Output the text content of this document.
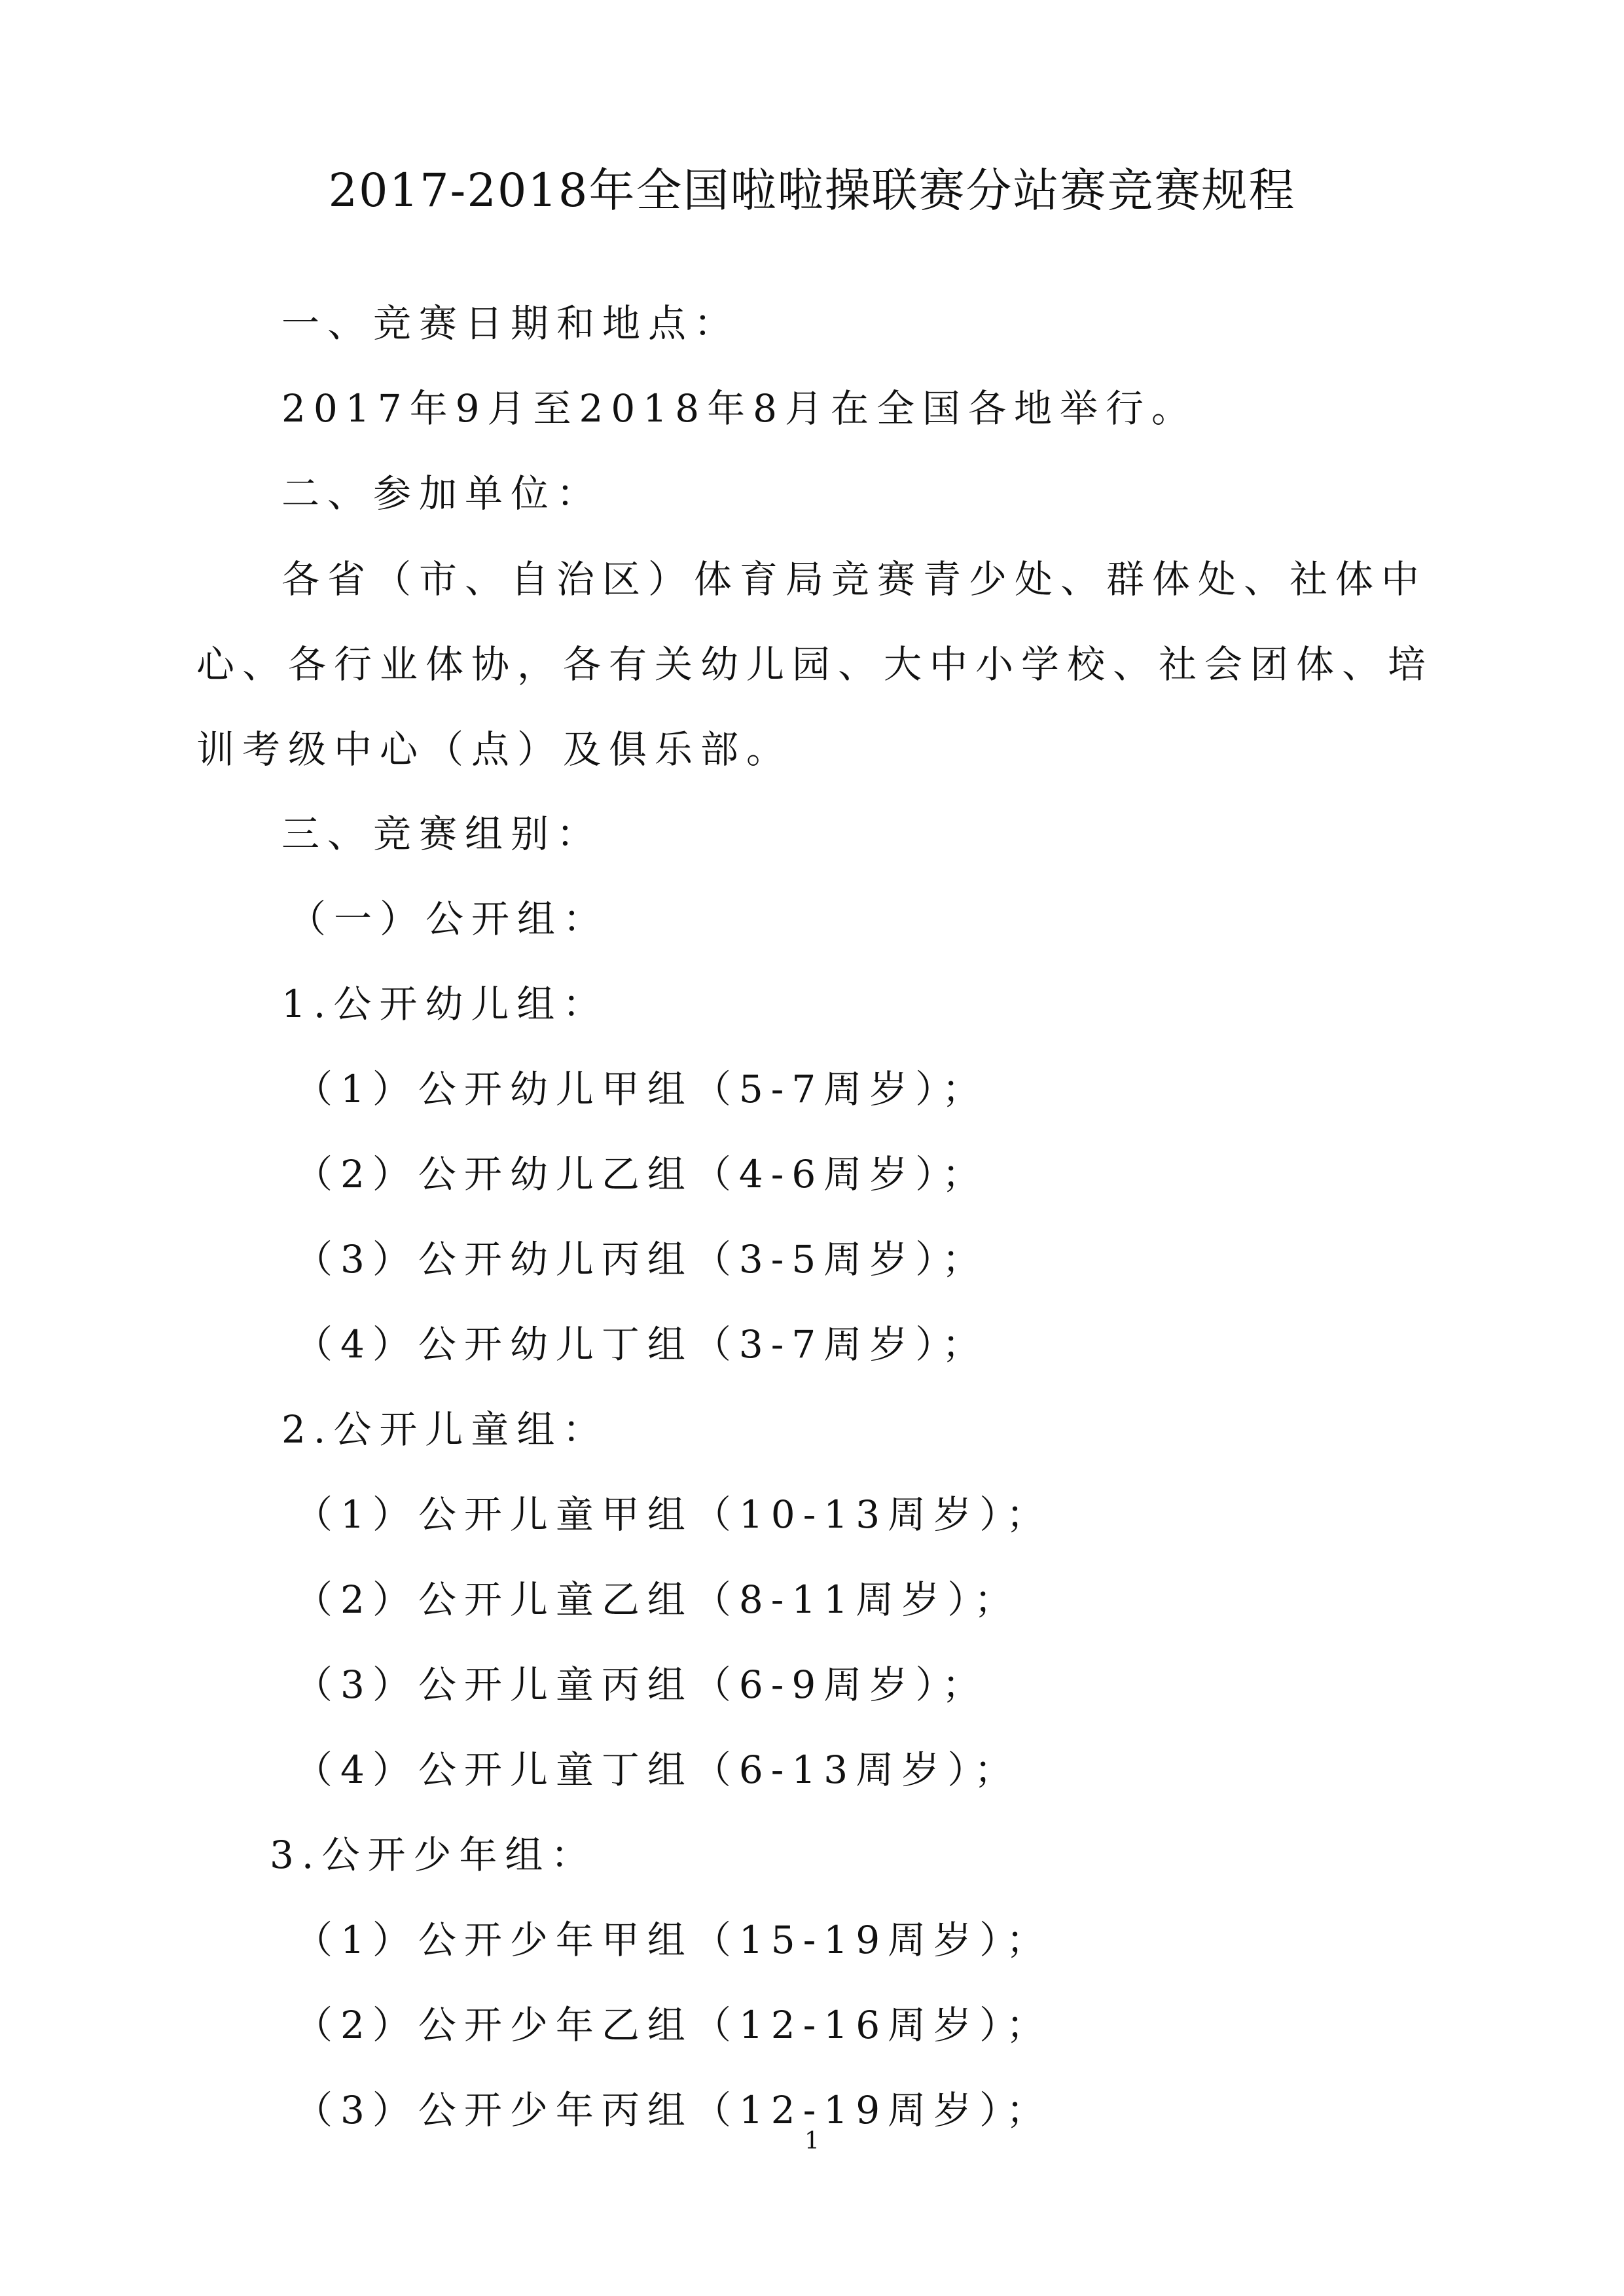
2017-2018年全国啦啦操联赛分站赛竞赛规程
一、竞赛日期和地点：
2017年9月至2018年8月在全国各地举行。
二、参加单位：
各省（市、自治区）体育局竞赛青少处、群体处、社体中心、各行业体协，各有关幼儿园、大中小学校、社会团体、培训考级中心（点）及俱乐部。
三、竞赛组别：
（一）公开组：
1.公开幼儿组：
（1）公开幼儿甲组（5-7周岁）；
（2）公开幼儿乙组（4-6周岁）；
（3）公开幼儿丙组（3-5周岁）；
（4）公开幼儿丁组（3-7周岁）；
2.公开儿童组：
（1）公开儿童甲组（10-13周岁）；
（2）公开儿童乙组（8-11周岁）；
（3）公开儿童丙组（6-9周岁）；
（4）公开儿童丁组（6-13周岁）；
3.公开少年组：
（1）公开少年甲组（15-19周岁）；
（2）公开少年乙组（12-16周岁）；
（3）公开少年丙组（12-19周岁）；
1
